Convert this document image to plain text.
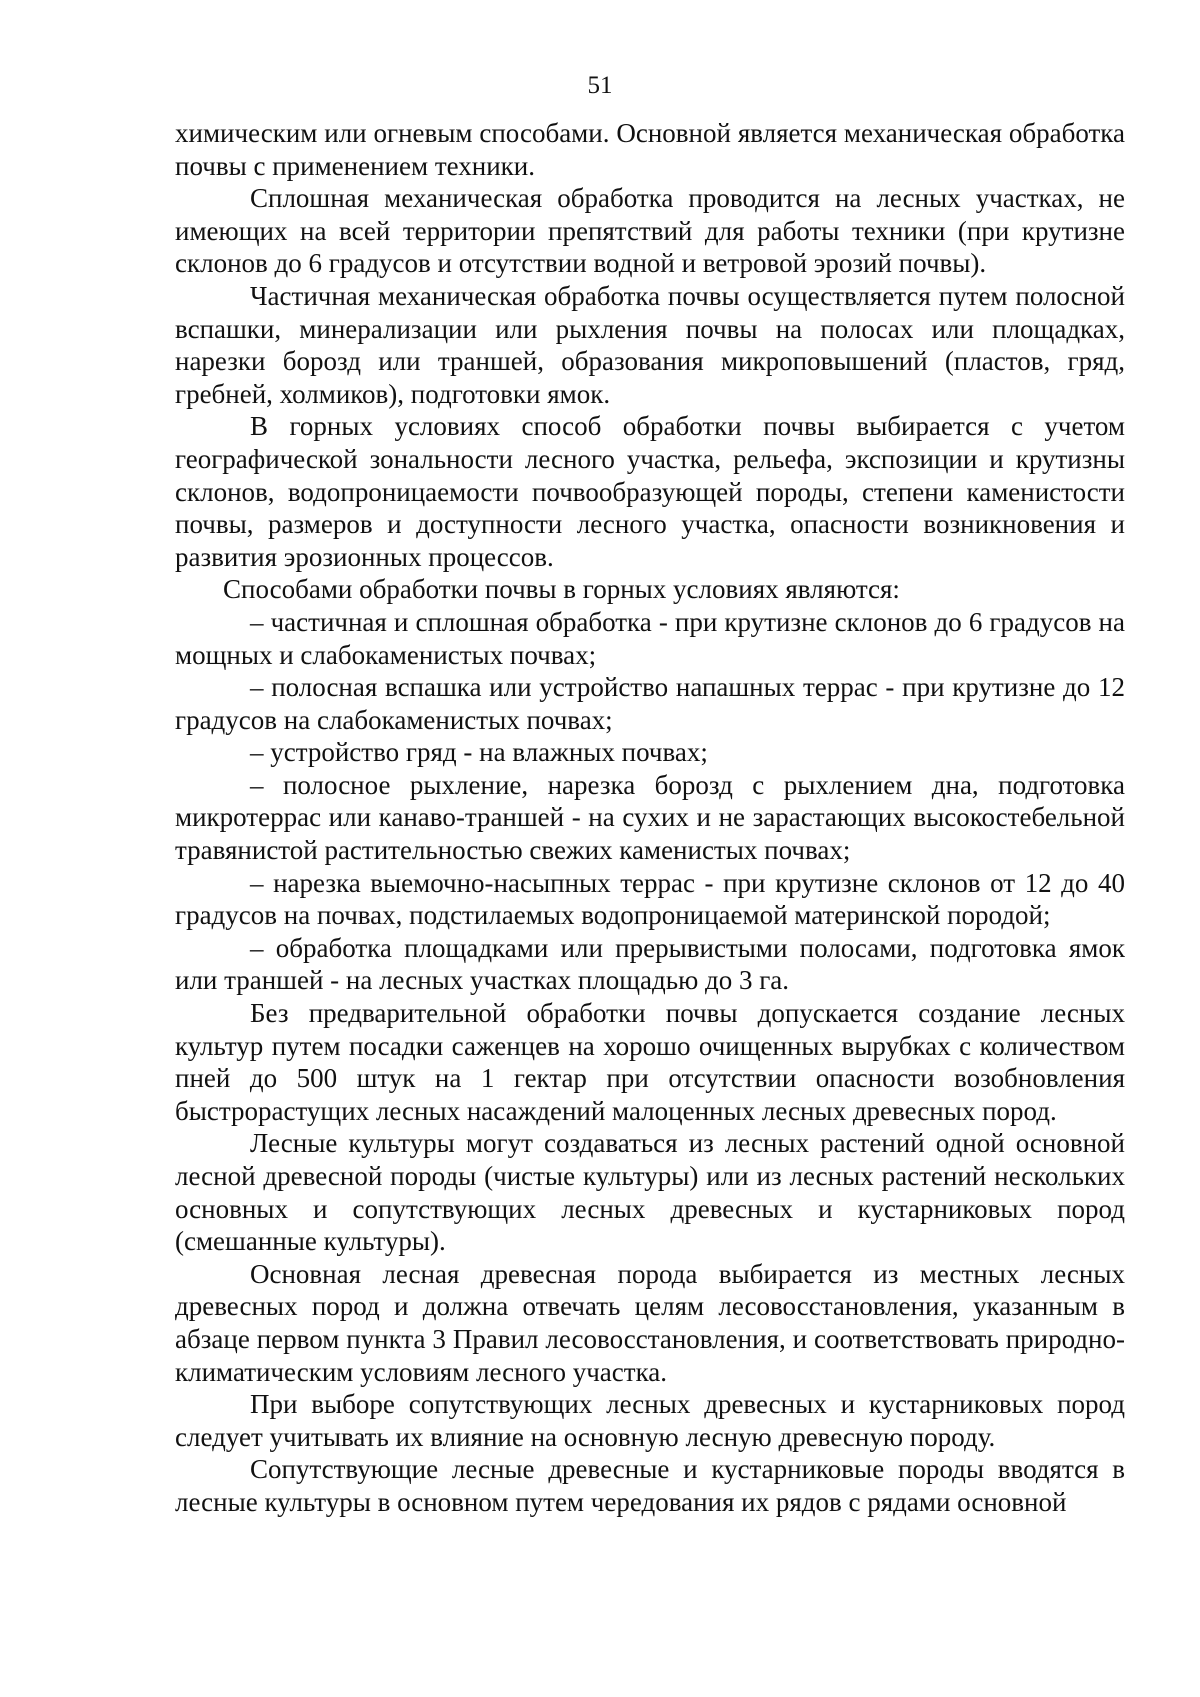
51

химическим или огневым способами. Основной является механическая обработка почвы с применением техники.

Сплошная механическая обработка проводится на лесных участках, не имеющих на всей территории препятствий для работы техники (при крутизне склонов до 6 градусов и отсутствии водной и ветровой эрозий почвы).

Частичная механическая обработка почвы осуществляется путем полосной вспашки, минерализации или рыхления почвы на полосах или площадках, нарезки борозд или траншей, образования микроповышений (пластов, гряд, гребней, холмиков), подготовки ямок.

В горных условиях способ обработки почвы выбирается с учетом географической зональности лесного участка, рельефа, экспозиции и крутизны склонов, водопроницаемости почвообразующей породы, степени каменистости почвы, размеров и доступности лесного участка, опасности возникновения и развития эрозионных процессов.

Способами обработки почвы в горных условиях являются:

– частичная и сплошная обработка - при крутизне склонов до 6 градусов на мощных и слабокаменистых почвах;

– полосная вспашка или устройство напашных террас - при крутизне до 12 градусов на слабокаменистых почвах;

– устройство гряд - на влажных почвах;

– полосное рыхление, нарезка борозд с рыхлением дна, подготовка микротеррас или канаво-траншей - на сухих и не зарастающих высокостебельной травянистой растительностью свежих каменистых почвах;

– нарезка выемочно-насыпных террас - при крутизне склонов от 12 до 40 градусов на почвах, подстилаемых водопроницаемой материнской породой;

– обработка площадками или прерывистыми полосами, подготовка ямок или траншей - на лесных участках площадью до 3 га.

Без предварительной обработки почвы допускается создание лесных культур путем посадки саженцев на хорошо очищенных вырубках с количеством пней до 500 штук на 1 гектар при отсутствии опасности возобновления быстрорастущих лесных насаждений малоценных лесных древесных пород.

Лесные культуры могут создаваться из лесных растений одной основной лесной древесной породы (чистые культуры) или из лесных растений нескольких основных и сопутствующих лесных древесных и кустарниковых пород (смешанные культуры).

Основная лесная древесная порода выбирается из местных лесных древесных пород и должна отвечать целям лесовосстановления, указанным в абзаце первом пункта 3 Правил лесовосстановления, и соответствовать природно-климатическим условиям лесного участка.

При выборе сопутствующих лесных древесных и кустарниковых пород следует учитывать их влияние на основную лесную древесную породу.

Сопутствующие лесные древесные и кустарниковые породы вводятся в лесные культуры в основном путем чередования их рядов с рядами основной
